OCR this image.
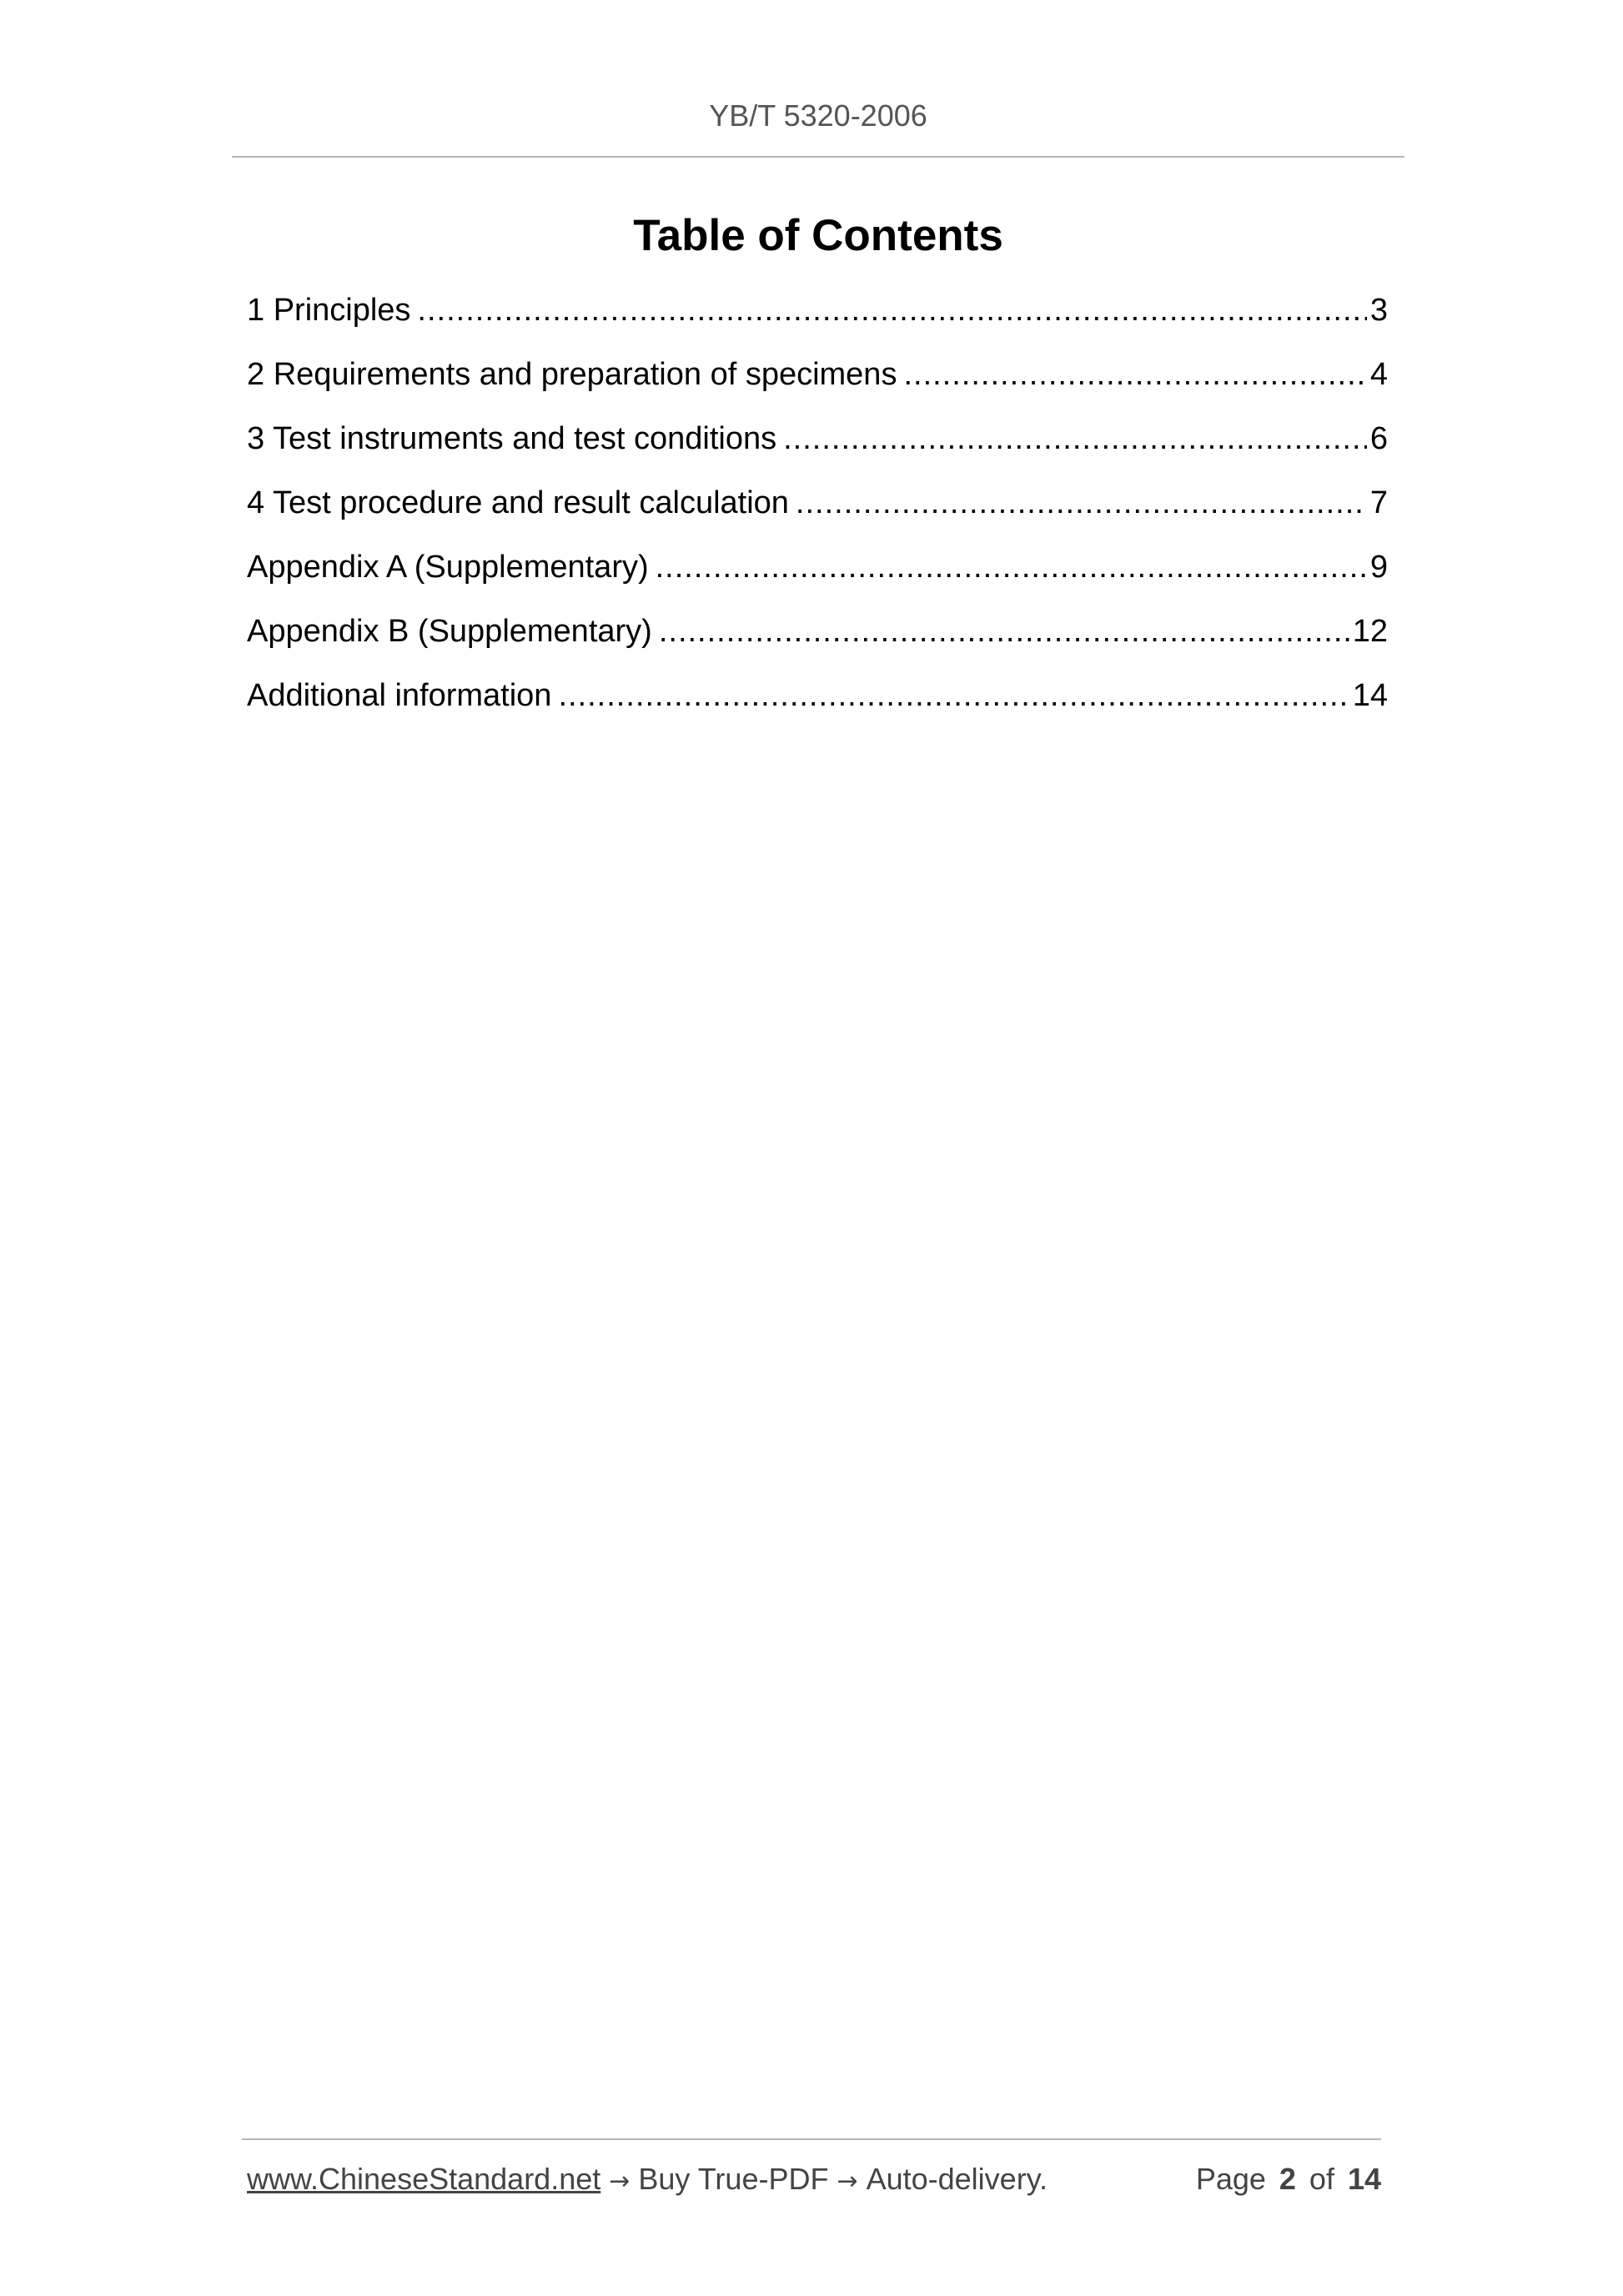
YB/T 5320-2006
Table of Contents
1 Principles .....	3
2 Requirements and preparation of specimens .....	4
3 Test instruments and test conditions .....	6
4 Test procedure and result calculation .....	7
Appendix A (Supplementary) .....	9
Appendix B (Supplementary) .....	12
Additional information .....	14
www.ChineseStandard.net → Buy True-PDF → Auto-delivery.	Page 2 of 14
